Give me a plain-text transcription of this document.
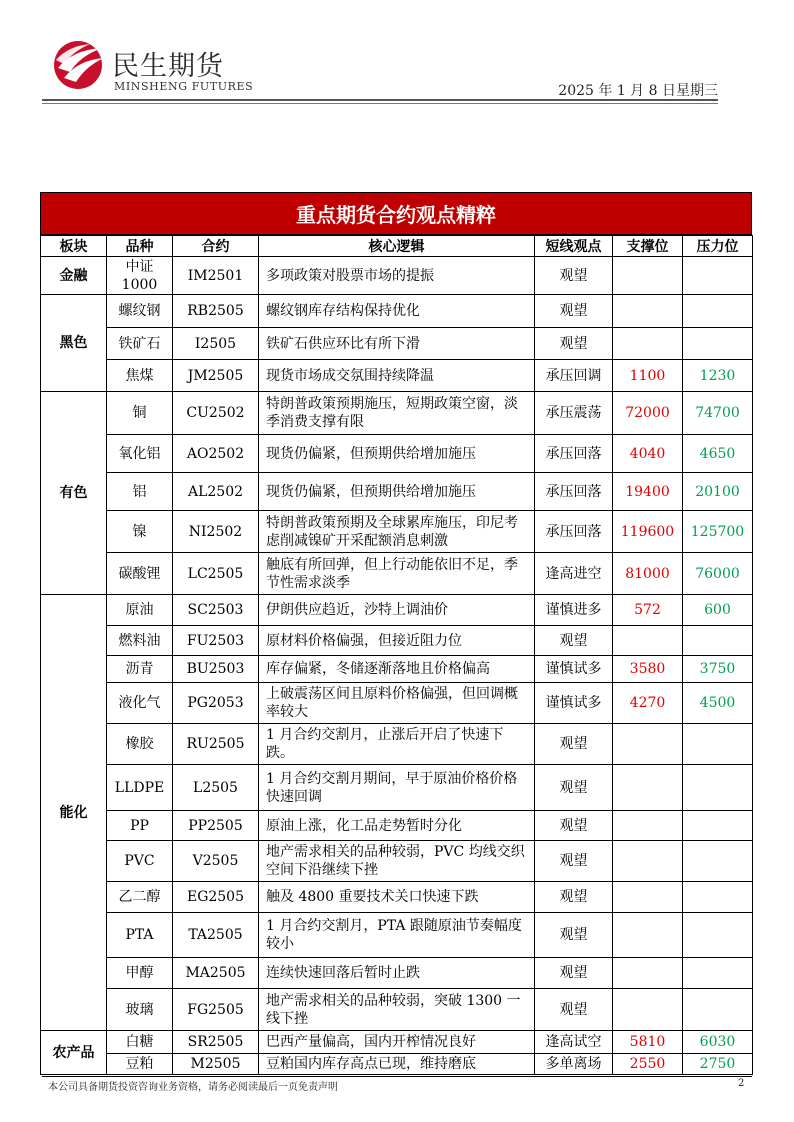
民生期货
MINSHENG FUTURES	2025 年 1 月 8 日星期三
重点期货合约观点精粹
板块	品种	合约	核心逻辑	短线观点	支撑位	压力位
金融	中证1000	IM2501	多项政策对股票市场的提振	观望		
黑色	螺纹钢	RB2505	螺纹钢库存结构保持优化	观望		
	铁矿石	I2505	铁矿石供应环比有所下滑	观望		
	焦煤	JM2505	现货市场成交氛围持续降温	承压回调	1100	1230
有色	铜	CU2502	特朗普政策预期施压，短期政策空窗，淡季消费支撑有限	承压震荡	72000	74700
	氧化铝	AO2502	现货仍偏紧，但预期供给增加施压	承压回落	4040	4650
	铝	AL2502	现货仍偏紧，但预期供给增加施压	承压回落	19400	20100
	镍	NI2502	特朗普政策预期及全球累库施压，印尼考虑削减镍矿开采配额消息刺激	承压回落	119600	125700
	碳酸锂	LC2505	触底有所回弹，但上行动能依旧不足，季节性需求淡季	逢高进空	81000	76000
能化	原油	SC2503	伊朗供应趋近，沙特上调油价	谨慎进多	572	600
	燃料油	FU2503	原材料价格偏强，但接近阻力位	观望		
	沥青	BU2503	库存偏紧，冬储逐渐落地且价格偏高	谨慎试多	3580	3750
	液化气	PG2053	上破震荡区间且原料价格偏强，但回调概率较大	谨慎试多	4270	4500
	橡胶	RU2505	1 月合约交割月，止涨后开启了快速下跌。	观望		
	LLDPE	L2505	1 月合约交割月期间，早于原油价格价格快速回调	观望		
	PP	PP2505	原油上涨，化工品走势暂时分化	观望		
	PVC	V2505	地产需求相关的品种较弱，PVC 均线交织空间下沿继续下挫	观望		
	乙二醇	EG2505	触及 4800 重要技术关口快速下跌	观望		
	PTA	TA2505	1 月合约交割月，PTA 跟随原油节奏幅度较小	观望		
	甲醇	MA2505	连续快速回落后暂时止跌	观望		
	玻璃	FG2505	地产需求相关的品种较弱，突破 1300 一线下挫	观望		
农产品	白糖	SR2505	巴西产量偏高，国内开榨情况良好	逢高试空	5810	6030
	豆粕	M2505	豆粕国内库存高点已现，维持磨底	多单离场	2550	2750
本公司具备期货投资咨询业务资格，请务必阅读最后一页免责声明	2
